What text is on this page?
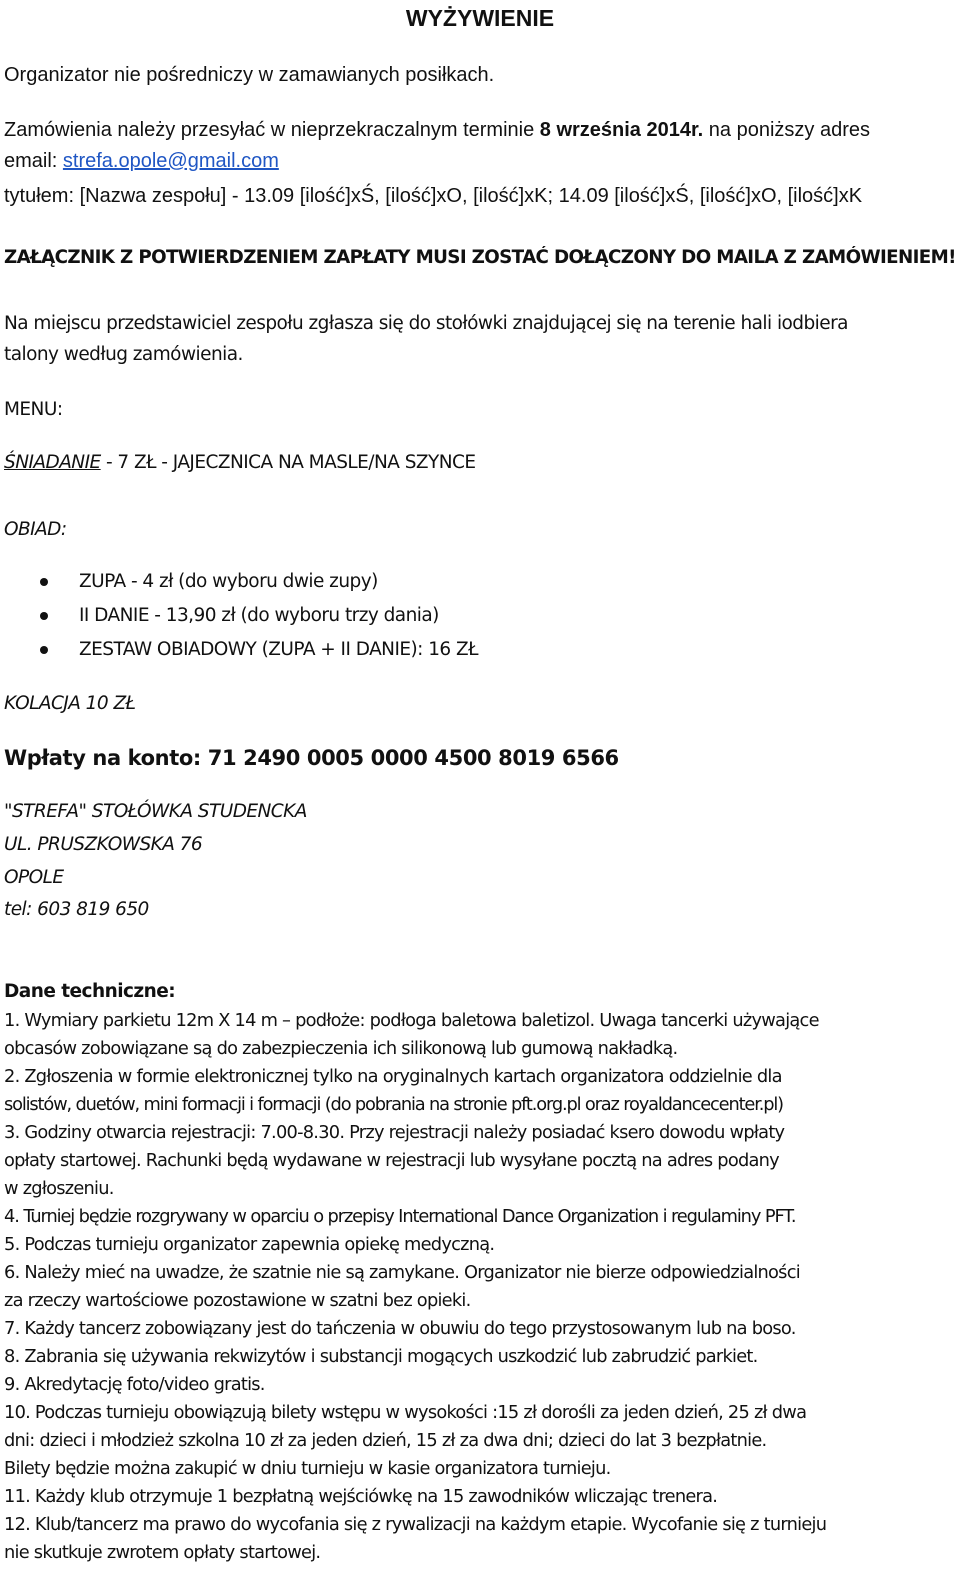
WYŻYWIENIE
Organizator nie pośredniczy w zamawianych posiłkach.
Zamówienia należy przesyłać w nieprzekraczalnym terminie 8 września 2014r. na poniższy adres
email: strefa.opole@gmail.com
tytułem: [Nazwa zespołu] - 13.09 [ilość]xŚ, [ilość]xO, [ilość]xK; 14.09 [ilość]xŚ, [ilość]xO, [ilość]xK
ZAŁĄCZNIK Z POTWIERDZENIEM ZAPŁATY MUSI ZOSTAĆ DOŁĄCZONY DO MAILA Z ZAMÓWIENIEM!
Na miejscu przedstawiciel zespołu zgłasza się do stołówki znajdującej się na terenie hali iodbiera
talony według zamówienia.
MENU:
ŚNIADANIE - 7 ZŁ - JAJECZNICA NA MASLE/NA SZYNCE
OBIAD:
ZUPA - 4 zł (do wyboru dwie zupy)
II DANIE - 13,90 zł (do wyboru trzy dania)
ZESTAW OBIADOWY (ZUPA + II DANIE): 16 ZŁ
KOLACJA 10 ZŁ
Wpłaty na konto: 71 2490 0005 0000 4500 8019 6566
"STREFA" STOŁÓWKA STUDENCKA
UL. PRUSZKOWSKA 76
OPOLE
tel: 603 819 650
Dane techniczne:
1. Wymiary parkietu 12m X 14 m – podłoże: podłoga baletowa baletizol. Uwaga tancerki używające
obcasów zobowiązane są do zabezpieczenia ich silikonową lub gumową nakładką.
2. Zgłoszenia w formie elektronicznej tylko na oryginalnych kartach organizatora oddzielnie dla
solistów, duetów, mini formacji i formacji (do pobrania na stronie pft.org.pl oraz royaldancecenter.pl)
3. Godziny otwarcia rejestracji: 7.00-8.30. Przy rejestracji należy posiadać ksero dowodu wpłaty
opłaty startowej. Rachunki będą wydawane w rejestracji lub wysyłane pocztą na adres podany
w zgłoszeniu.
4. Turniej będzie rozgrywany w oparciu o przepisy International Dance Organization i regulaminy PFT.
5. Podczas turnieju organizator zapewnia opiekę medyczną.
6. Należy mieć na uwadze, że szatnie nie są zamykane. Organizator nie bierze odpowiedzialności
za rzeczy wartościowe pozostawione w szatni bez opieki.
7. Każdy tancerz zobowiązany jest do tańczenia w obuwiu do tego przystosowanym lub na boso.
8. Zabrania się używania rekwizytów i substancji mogących uszkodzić lub zabrudzić parkiet.
9. Akredytację foto/video gratis.
10. Podczas turnieju obowiązują bilety wstępu w wysokości :15 zł dorośli za jeden dzień, 25 zł dwa
dni: dzieci i młodzież szkolna 10 zł za jeden dzień, 15 zł za dwa dni; dzieci do lat 3 bezpłatnie.
Bilety będzie można zakupić w dniu turnieju w kasie organizatora turnieju.
11. Każdy klub otrzymuje 1 bezpłatną wejściówkę na 15 zawodników wliczając trenera.
12. Klub/tancerz ma prawo do wycofania się z rywalizacji na każdym etapie. Wycofanie się z turnieju
nie skutkuje zwrotem opłaty startowej.
